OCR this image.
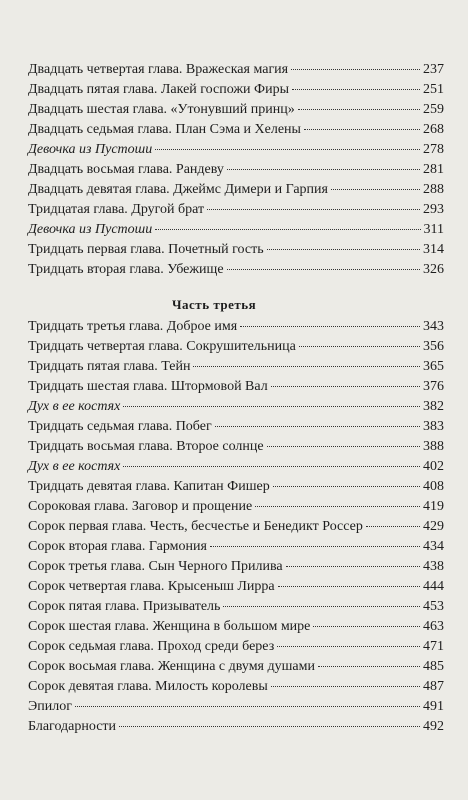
Двадцать четвертая глава. Вражеская магия	237
Двадцать пятая глава. Лакей госпожи Фиры	251
Двадцать шестая глава. «Утонувший принц»	259
Двадцать седьмая глава. План Сэма и Хелены	268
Девочка из Пустоши	278
Двадцать восьмая глава. Рандеву	281
Двадцать девятая глава. Джеймс Димери и Гарпия	288
Тридцатая глава. Другой брат	293
Девочка из Пустоши	311
Тридцать первая глава. Почетный гость	314
Тридцать вторая глава. Убежище	326
Часть третья
Тридцать третья глава. Доброе имя	343
Тридцать четвертая глава. Сокрушительница	356
Тридцать пятая глава. Тейн	365
Тридцать шестая глава. Штормовой Вал	376
Дух в ее костях	382
Тридцать седьмая глава. Побег	383
Тридцать восьмая глава. Второе солнце	388
Дух в ее костях	402
Тридцать девятая глава. Капитан Фишер	408
Сороковая глава. Заговор и прощение	419
Сорок первая глава. Честь, бесчестье и Бенедикт Россер	429
Сорок вторая глава. Гармония	434
Сорок третья глава. Сын Черного Прилива	438
Сорок четвертая глава. Крысеныш Лирра	444
Сорок пятая глава. Призыватель	453
Сорок шестая глава. Женщина в большом мире	463
Сорок седьмая глава. Проход среди берез	471
Сорок восьмая глава. Женщина с двумя душами	485
Сорок девятая глава. Милость королевы	487
Эпилог	491
Благодарности	492
